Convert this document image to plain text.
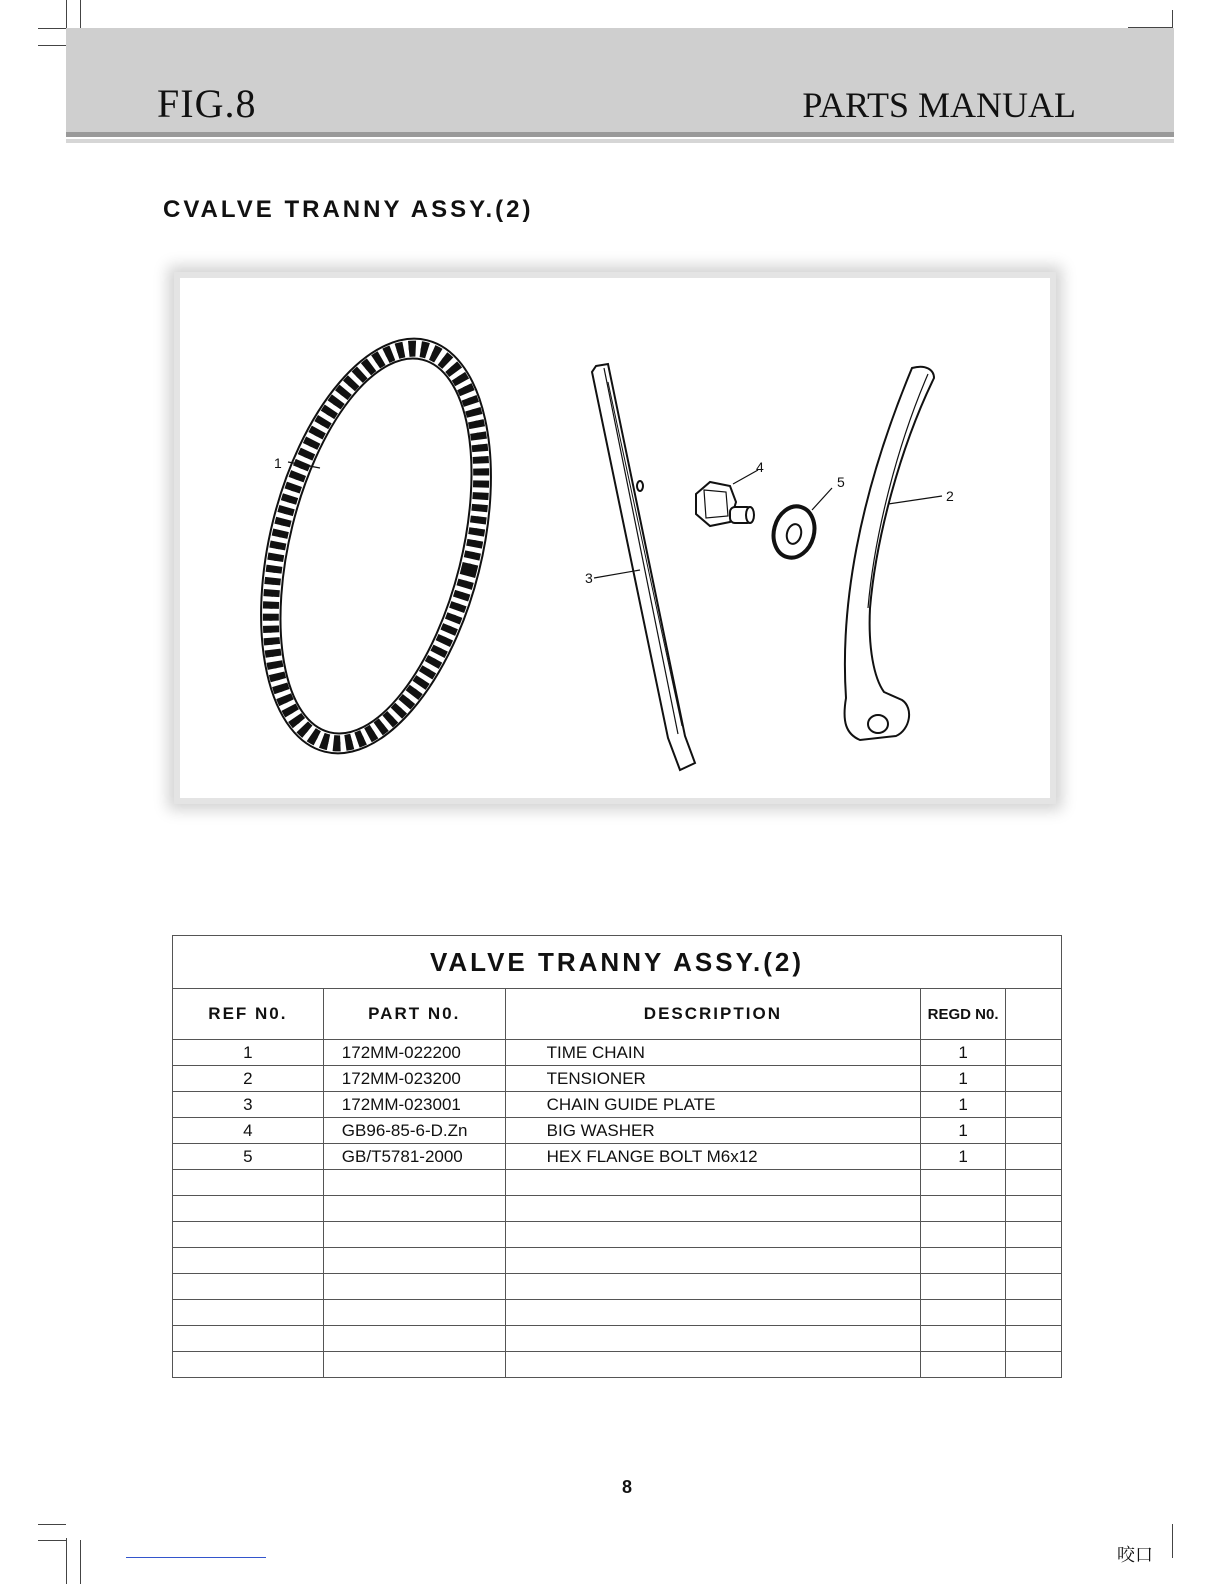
FIG.8	PARTS MANUAL
CVALVE TRANNY ASSY.(2)
1
2
3
4
5
VALVE TRANNY ASSY.(2)				
REF N0.	PART N0.	DESCRIPTION	REGD N0.	
1	172MM-022200	TIME CHAIN	1	
2	172MM-023200	TENSIONER	1	
3	172MM-023001	CHAIN GUIDE PLATE	1	
4	GB96-85-6-D.Zn	BIG WASHER	1	
5	GB/T5781-2000	HEX FLANGE BOLT M6x12	1	

8
咬口
